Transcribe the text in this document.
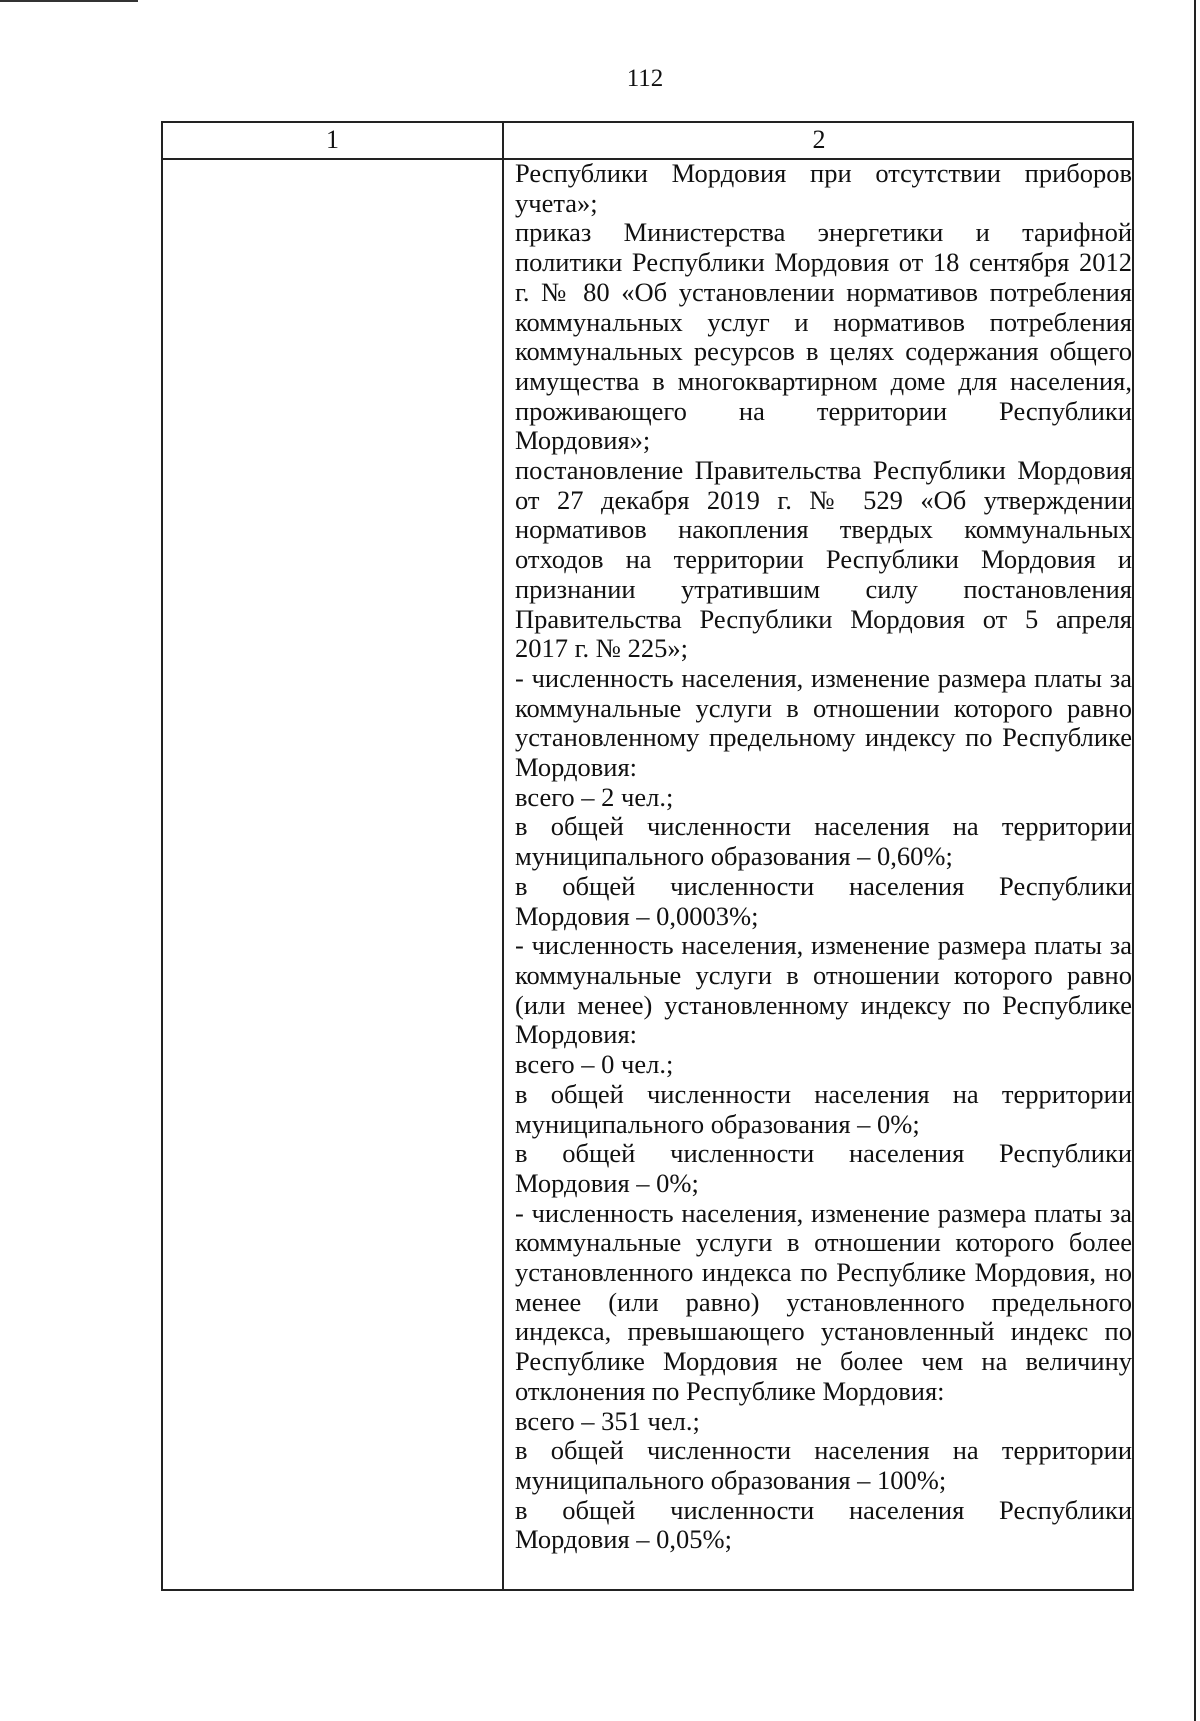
112
1	2

Республики Мордовия при отсутствии приборов учета»;

приказ Министерства энергетики и тарифной политики Республики Мордовия от 18 сентября 2012 г. № 80 «Об установлении нормативов потребления коммунальных услуг и нормативов потребления коммунальных ресурсов в целях содержания общего имущества в многоквартирном доме для населения, проживающего на территории Республики Мордовия»;

постановление Правительства Республики Мордовия от 27 декабря 2019 г. № 529 «Об утверждении нормативов накопления твердых коммунальных отходов на территории Республики Мордовия и признании утратившим силу постановления Правительства Республики Мордовия от 5 апреля 2017 г. № 225»;

- численность населения, изменение размера платы за коммунальные услуги в отношении которого равно установленному предельному индексу по Республике Мордовия:

всего – 2 чел.;

в общей численности населения на территории муниципального образования – 0,60%;

в общей численности населения Республики Мордовия – 0,0003%;

- численность населения, изменение размера платы за коммунальные услуги в отношении которого равно (или менее) установленному индексу по Республике Мордовия:

всего – 0 чел.;

в общей численности населения на территории муниципального образования – 0%;

в общей численности населения Республики Мордовия – 0%;

- численность населения, изменение размера платы за коммунальные услуги в отношении которого более установленного индекса по Республике Мордовия, но менее (или равно) установленного предельного индекса, превышающего установленный индекс по Республике Мордовия не более чем на величину отклонения по Республике Мордовия:

всего – 351 чел.;

в общей численности населения на территории муниципального образования – 100%;

в общей численности населения Республики Мордовия – 0,05%;
